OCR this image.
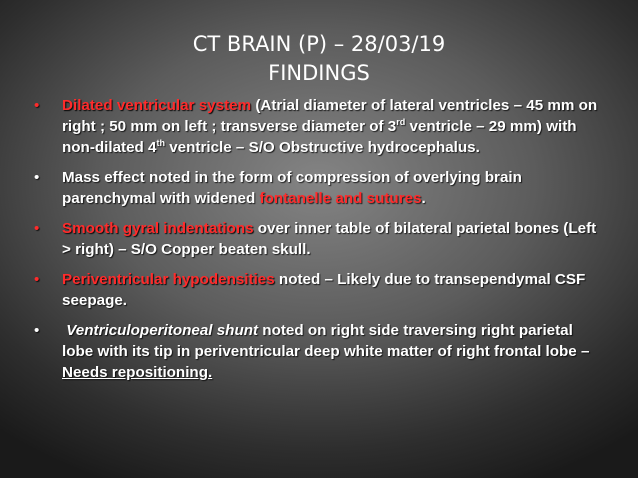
CT BRAIN (P) – 28/03/19
FINDINGS
• Dilated ventricular system (Atrial diameter of lateral ventricles – 45 mm on right ; 50 mm on left ; transverse diameter of 3rd ventricle – 29 mm) with non-dilated 4th ventricle – S/O Obstructive hydrocephalus.
• Mass effect noted in the form of compression of overlying brain parenchymal with widened fontanelle and sutures.
• Smooth gyral indentations over inner table of bilateral parietal bones (Left > right) – S/O Copper beaten skull.
• Periventricular hypodensities noted – Likely due to transependymal CSF seepage.
• Ventriculoperitoneal shunt noted on right side traversing right parietal lobe with its tip in periventricular deep white matter of right frontal lobe – Needs repositioning.
